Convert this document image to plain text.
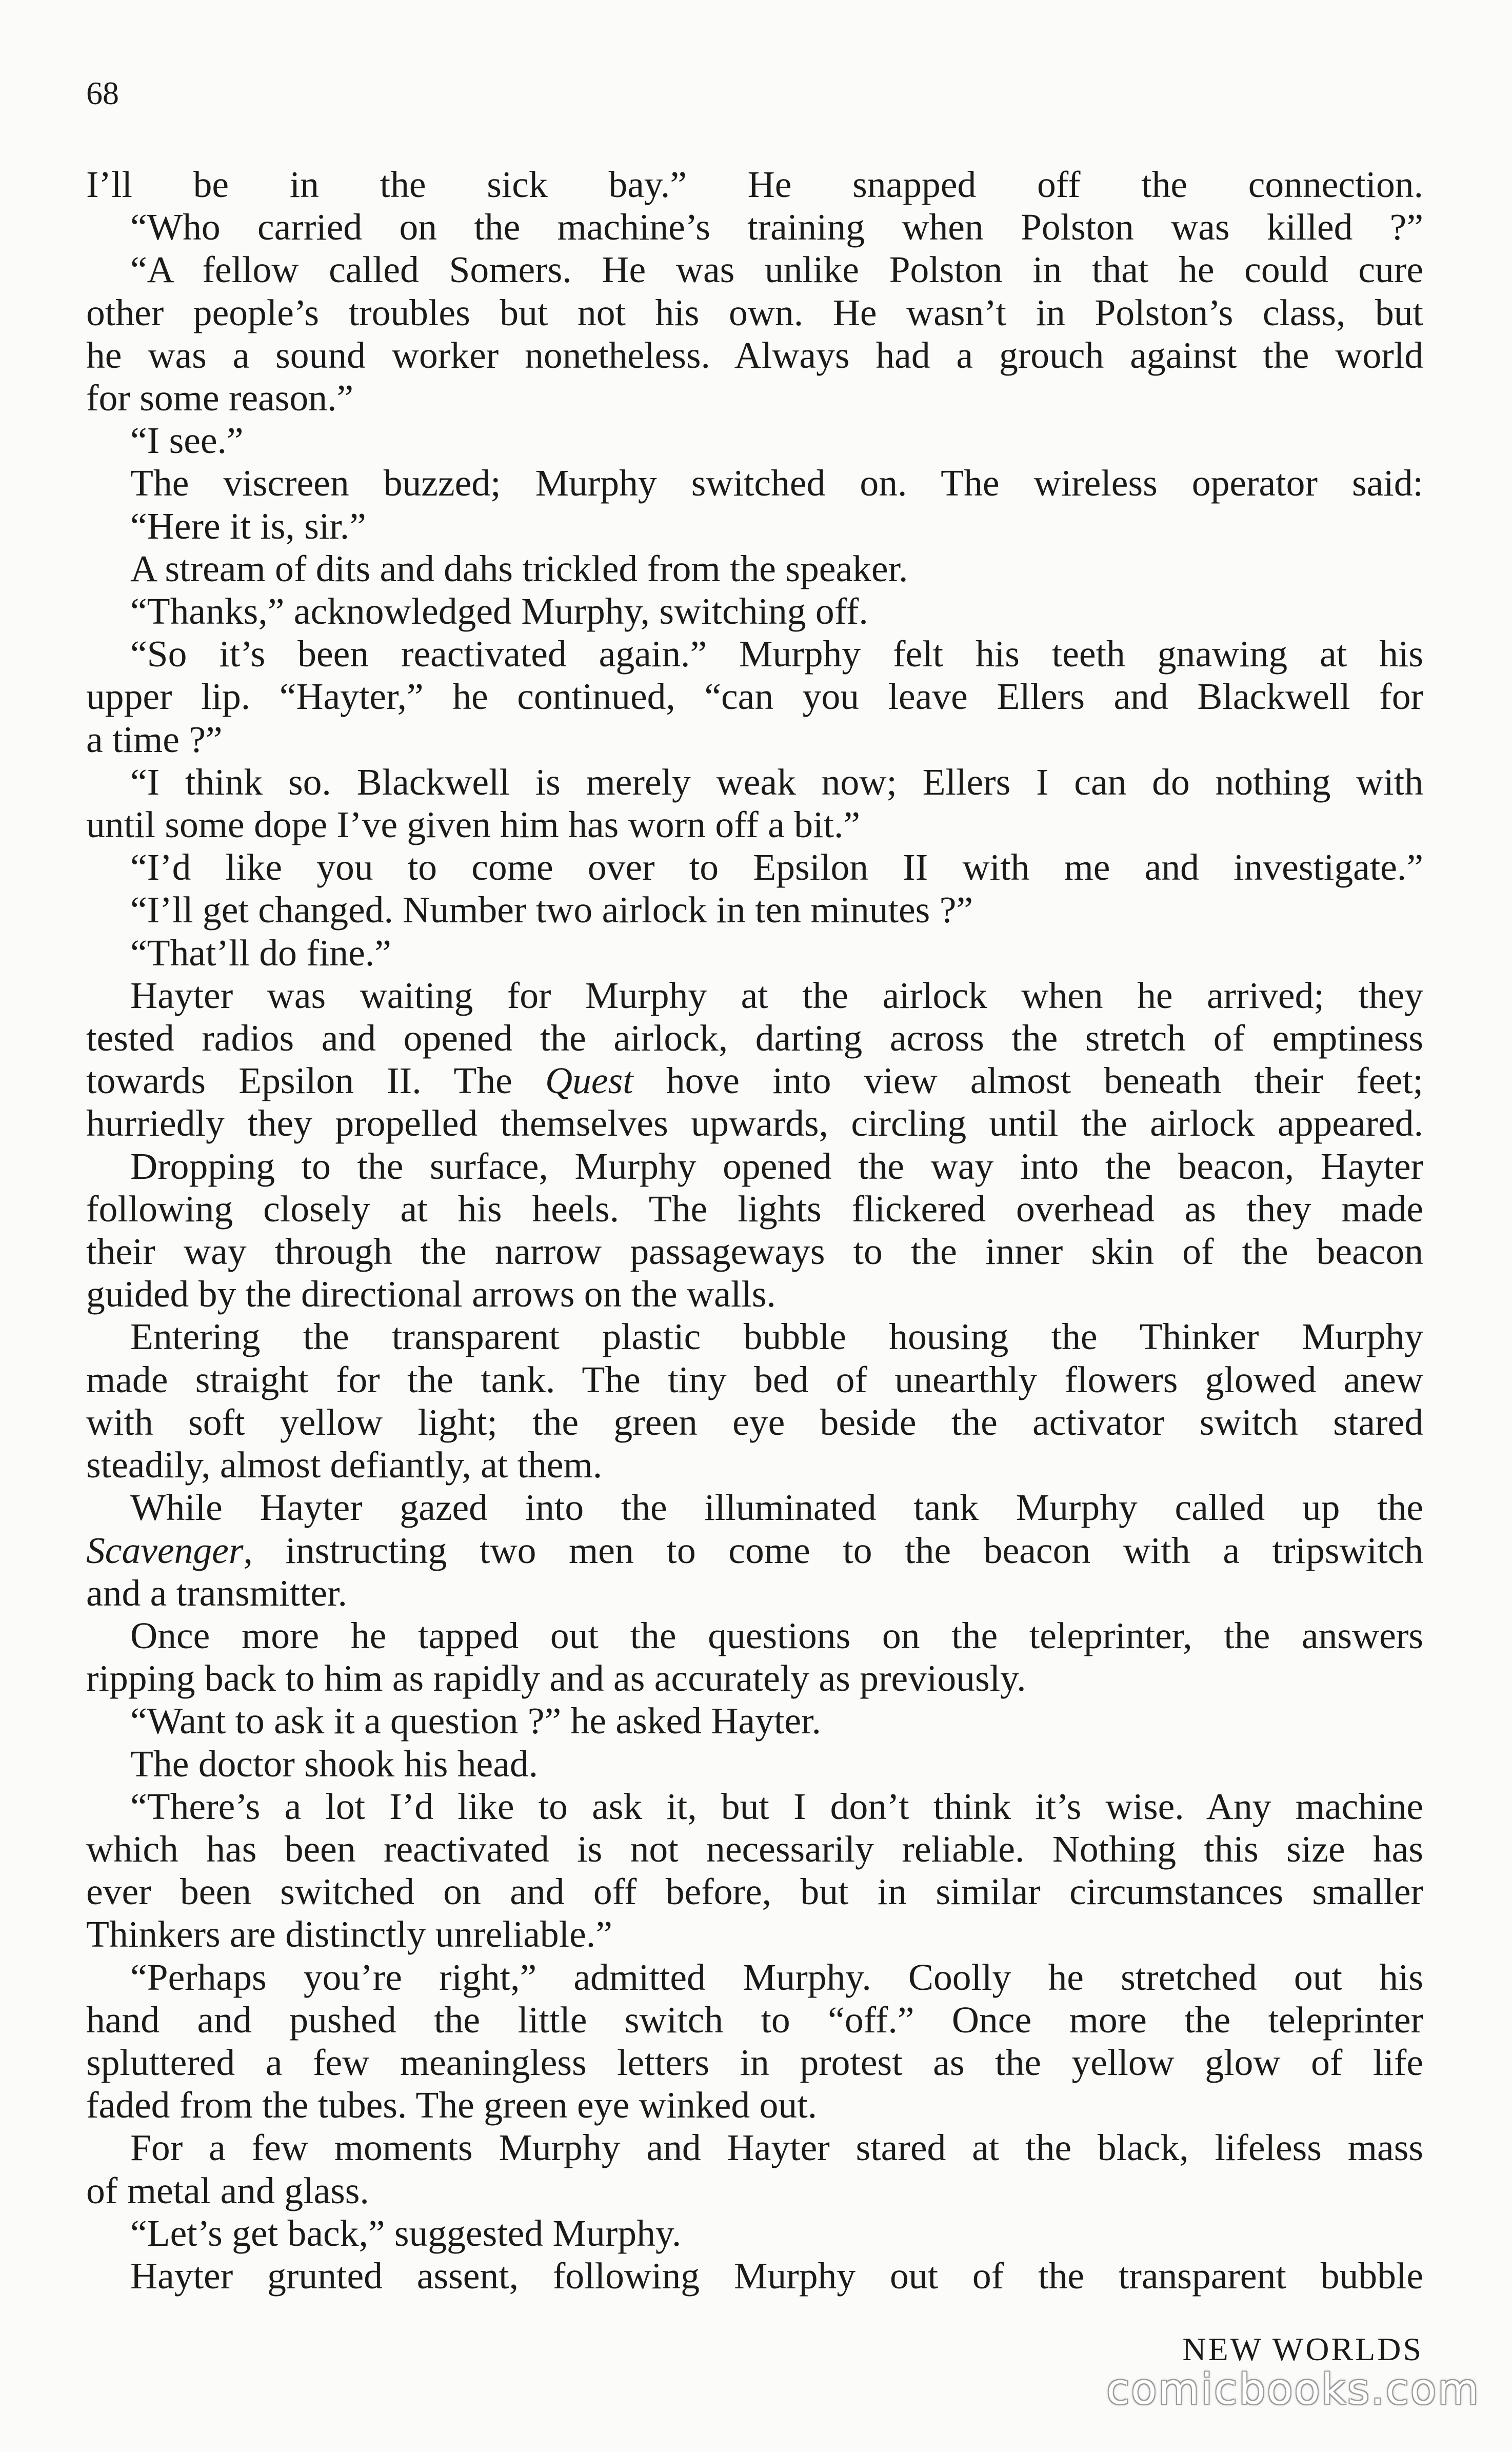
68

I’ll be in the sick bay.” He snapped off the connection.

“Who carried on the machine’s training when Polston was killed ?”

“A fellow called Somers. He was unlike Polston in that he could cure

other people’s troubles but not his own. He wasn’t in Polston’s class, but

he was a sound worker nonetheless. Always had a grouch against the world

for some reason.”

“I see.”

The viscreen buzzed; Murphy switched on. The wireless operator said:

“Here it is, sir.”

A stream of dits and dahs trickled from the speaker.

“Thanks,” acknowledged Murphy, switching off.

“So it’s been reactivated again.” Murphy felt his teeth gnawing at his

upper lip. “Hayter,” he continued, “can you leave Ellers and Blackwell for

a time ?”

“I think so. Blackwell is merely weak now; Ellers I can do nothing with

until some dope I’ve given him has worn off a bit.”

“I’d like you to come over to Epsilon II with me and investigate.”

“I’ll get changed. Number two airlock in ten minutes ?”

“That’ll do fine.”

Hayter was waiting for Murphy at the airlock when he arrived; they

tested radios and opened the airlock, darting across the stretch of emptiness

towards Epsilon II. The Quest hove into view almost beneath their feet;

hurriedly they propelled themselves upwards, circling until the airlock appeared.

Dropping to the surface, Murphy opened the way into the beacon, Hayter

following closely at his heels. The lights flickered overhead as they made

their way through the narrow passageways to the inner skin of the beacon

guided by the directional arrows on the walls.

Entering the transparent plastic bubble housing the Thinker Murphy

made straight for the tank. The tiny bed of unearthly flowers glowed anew

with soft yellow light; the green eye beside the activator switch stared

steadily, almost defiantly, at them.

While Hayter gazed into the illuminated tank Murphy called up the

Scavenger, instructing two men to come to the beacon with a tripswitch

and a transmitter.

Once more he tapped out the questions on the teleprinter, the answers

ripping back to him as rapidly and as accurately as previously.

“Want to ask it a question ?” he asked Hayter.

The doctor shook his head.

“There’s a lot I’d like to ask it, but I don’t think it’s wise. Any machine

which has been reactivated is not necessarily reliable. Nothing this size has

ever been switched on and off before, but in similar circumstances smaller

Thinkers are distinctly unreliable.”

“Perhaps you’re right,” admitted Murphy. Coolly he stretched out his

hand and pushed the little switch to “off.” Once more the teleprinter

spluttered a few meaningless letters in protest as the yellow glow of life

faded from the tubes. The green eye winked out.

For a few moments Murphy and Hayter stared at the black, lifeless mass

of metal and glass.

“Let’s get back,” suggested Murphy.

Hayter grunted assent, following Murphy out of the transparent bubble

NEW WORLDS
comicbooks.com
